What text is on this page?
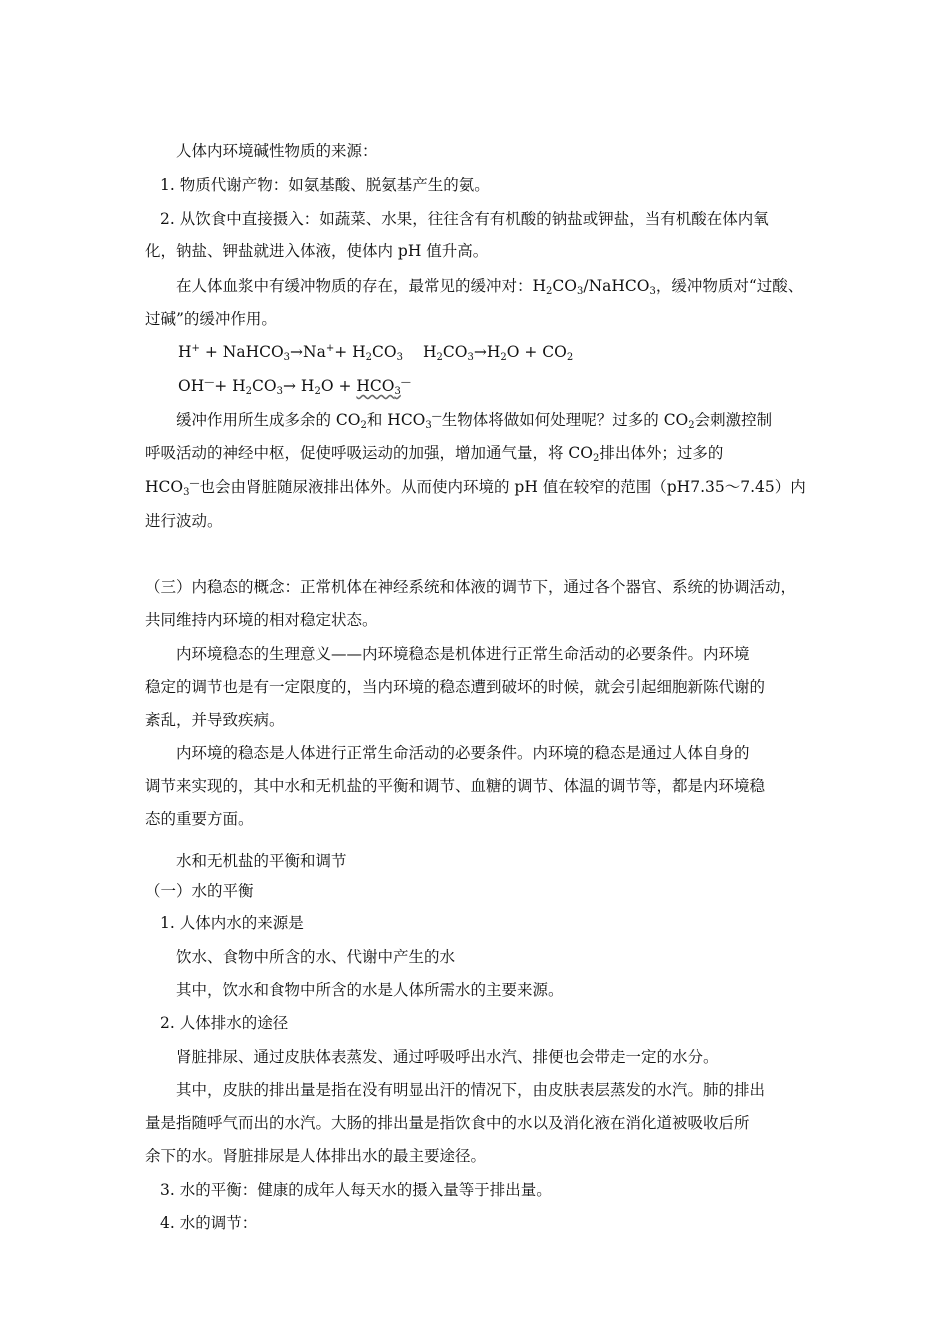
人体内环境碱性物质的来源：
1. 物质代谢产物：如氨基酸、脱氨基产生的氨。
2. 从饮食中直接摄入：如蔬菜、水果，往往含有有机酸的钠盐或钾盐，当有机酸在体内氧
化，钠盐、钾盐就进入体液，使体内 pH 值升高。
在人体血浆中有缓冲物质的存在，最常见的缓冲对：$H_2CO_3/NaHCO_3$，缓冲物质对“过酸、
过碱”的缓冲作用。
H+ + NaHCO$_3$→Na++ $H_2CO_3$ $H_2CO_3\to H_2O + CO_2$
$OH^—+ H_2CO_3\to H_2O + HCO_3^—$
缓冲作用所生成多余的 $CO_2$和 $HCO_3^—$生物体将做如何处理呢？过多的 $CO_2$会刺激控制
呼吸活动的神经中枢，促使呼吸运动的加强，增加通气量，将 $CO_2$排出体外；过多的
$HCO_3^—$也会由肾脏随尿液排出体外。从而使内环境的 pH 值在较窄的范围（pH7.35～7.45）内
进行波动。
（三）内稳态的概念：正常机体在神经系统和体液的调节下，通过各个器官、系统的协调活动，
共同维持内环境的相对稳定状态。
内环境稳态的生理意义——内环境稳态是机体进行正常生命活动的必要条件。内环境
稳定的调节也是有一定限度的，当内环境的稳态遭到破坏的时候，就会引起细胞新陈代谢的
紊乱，并导致疾病。
内环境的稳态是人体进行正常生命活动的必要条件。内环境的稳态是通过人体自身的
调节来实现的，其中水和无机盐的平衡和调节、血糖的调节、体温的调节等，都是内环境稳
态的重要方面。
水和无机盐的平衡和调节
（一）水的平衡
1. 人体内水的来源是
饮水、食物中所含的水、代谢中产生的水
其中，饮水和食物中所含的水是人体所需水的主要来源。
2. 人体排水的途径
肾脏排尿、通过皮肤体表蒸发、通过呼吸呼出水汽、排便也会带走一定的水分。
其中，皮肤的排出量是指在没有明显出汗的情况下，由皮肤表层蒸发的水汽。肺的排出
量是指随呼气而出的水汽。大肠的排出量是指饮食中的水以及消化液在消化道被吸收后所
余下的水。肾脏排尿是人体排出水的最主要途径。
3. 水的平衡：健康的成年人每天水的摄入量等于排出量。
4. 水的调节：
